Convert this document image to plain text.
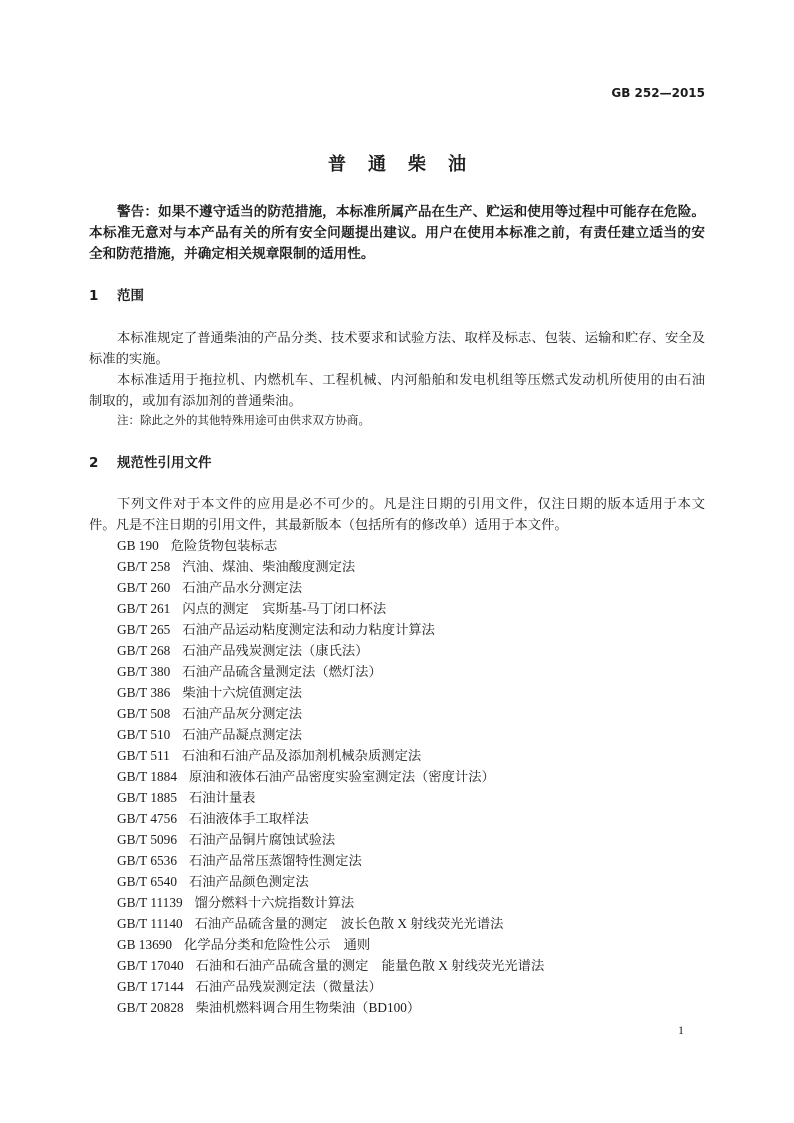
GB 252—2015
普通柴油
警告：如果不遵守适当的防范措施，本标准所属产品在生产、贮运和使用等过程中可能存在危险。
本标准无意对与本产品有关的所有安全问题提出建议。用户在使用本标准之前，有责任建立适当的安
全和防范措施，并确定相关规章限制的适用性。
1 范围
本标准规定了普通柴油的产品分类、技术要求和试验方法、取样及标志、包装、运输和贮存、安全及
标准的实施。
本标准适用于拖拉机、内燃机车、工程机械、内河船舶和发电机组等压燃式发动机所使用的由石油
制取的，或加有添加剂的普通柴油。
注：除此之外的其他特殊用途可由供求双方协商。
2 规范性引用文件
下列文件对于本文件的应用是必不可少的。凡是注日期的引用文件，仅注日期的版本适用于本文
件。凡是不注日期的引用文件，其最新版本（包括所有的修改单）适用于本文件。
GB 190 危险货物包装标志
GB/T 258 汽油、煤油、柴油酸度测定法
GB/T 260 石油产品水分测定法
GB/T 261 闪点的测定　宾斯基-马丁闭口杯法
GB/T 265 石油产品运动粘度测定法和动力粘度计算法
GB/T 268 石油产品残炭测定法（康氏法）
GB/T 380 石油产品硫含量测定法（燃灯法）
GB/T 386 柴油十六烷值测定法
GB/T 508 石油产品灰分测定法
GB/T 510 石油产品凝点测定法
GB/T 511 石油和石油产品及添加剂机械杂质测定法
GB/T 1884 原油和液体石油产品密度实验室测定法（密度计法）
GB/T 1885 石油计量表
GB/T 4756 石油液体手工取样法
GB/T 5096 石油产品铜片腐蚀试验法
GB/T 6536 石油产品常压蒸馏特性测定法
GB/T 6540 石油产品颜色测定法
GB/T 11139 馏分燃料十六烷指数计算法
GB/T 11140 石油产品硫含量的测定　波长色散 X 射线荧光光谱法
GB 13690 化学品分类和危险性公示　通则
GB/T 17040 石油和石油产品硫含量的测定　能量色散 X 射线荧光光谱法
GB/T 17144 石油产品残炭测定法（微量法）
GB/T 20828 柴油机燃料调合用生物柴油（BD100）
1
